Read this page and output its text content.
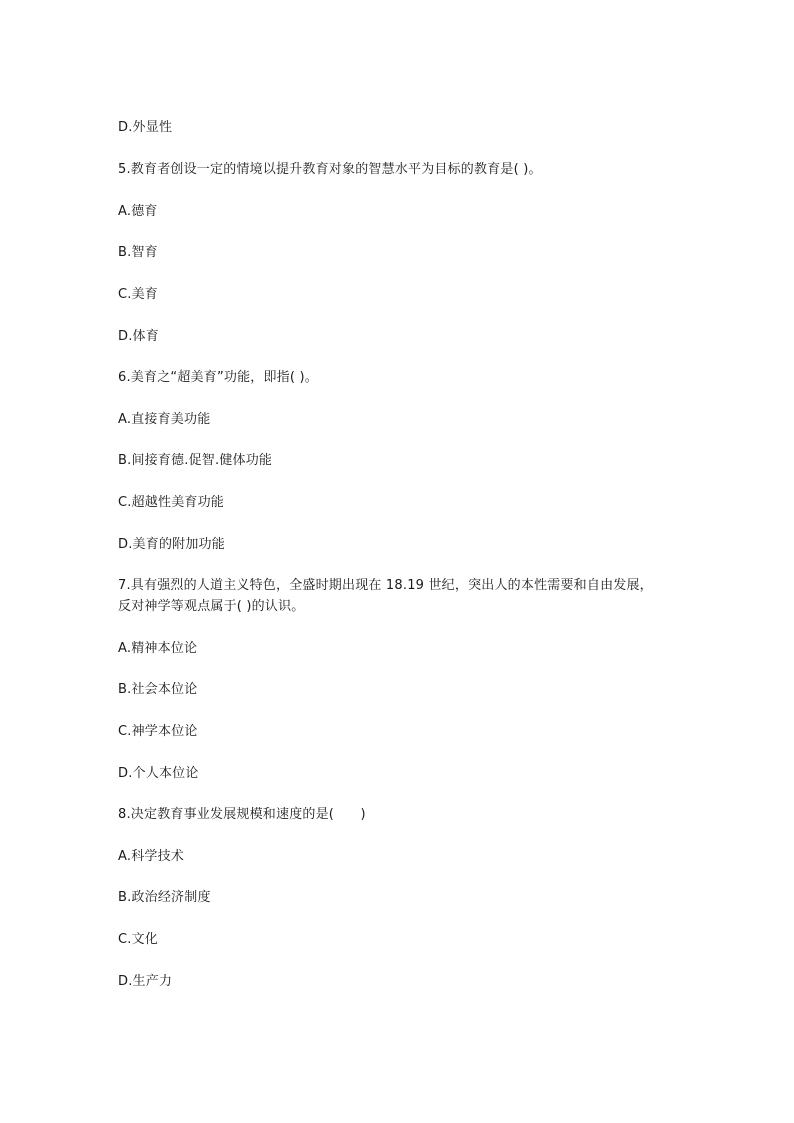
D.外显性
5.教育者创设一定的情境以提升教育对象的智慧水平为目标的教育是( )。
A.德育
B.智育
C.美育
D.体育
6.美育之“超美育”功能，即指( )。
A.直接育美功能
B.间接育德.促智.健体功能
C.超越性美育功能
D.美育的附加功能
7.具有强烈的人道主义特色，全盛时期出现在 18.19 世纪，突出人的本性需要和自由发展，
反对神学等观点属于( )的认识。
A.精神本位论
B.社会本位论
C.神学本位论
D.个人本位论
8.决定教育事业发展规模和速度的是(　　)
A.科学技术
B.政治经济制度
C.文化
D.生产力
